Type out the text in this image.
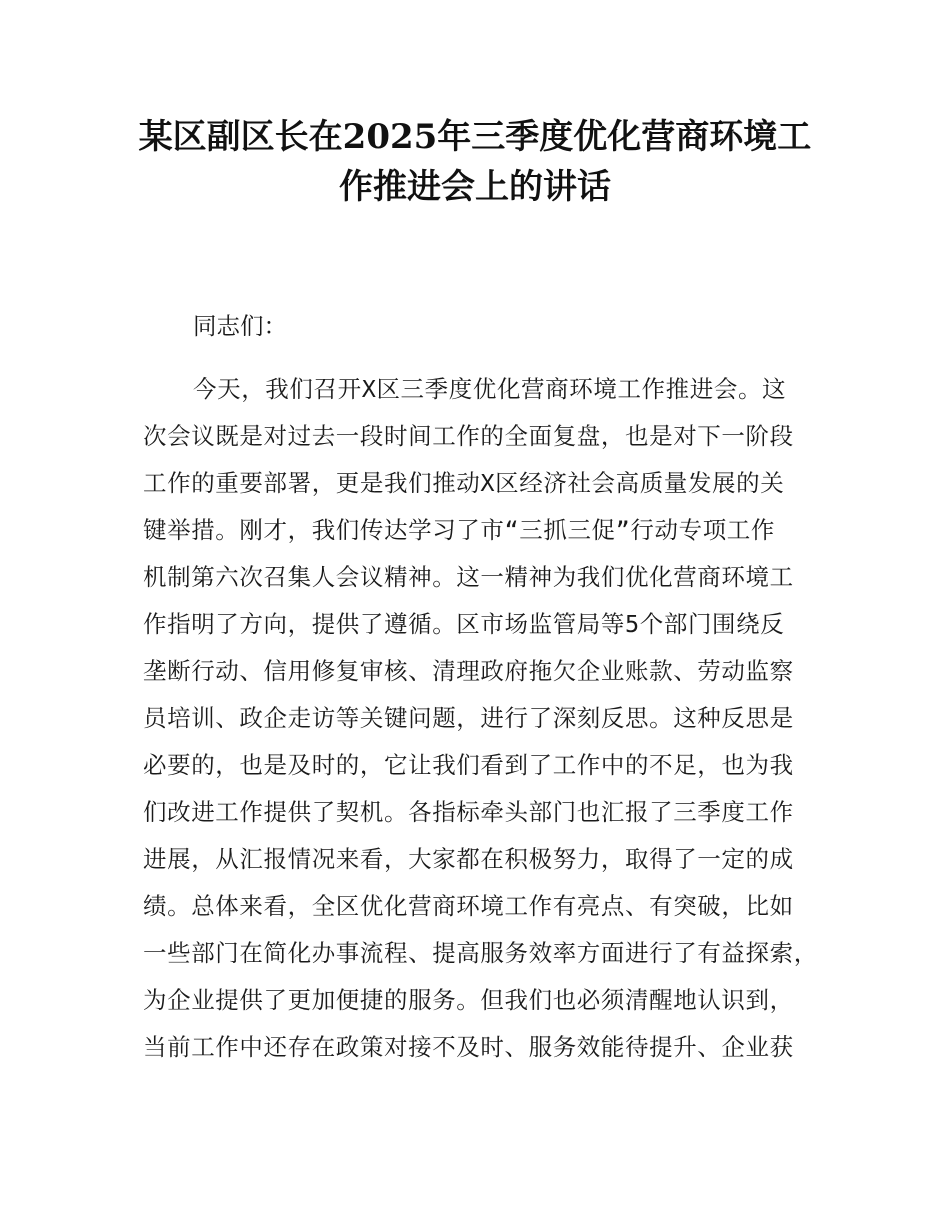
某区副区长在2025年三季度优化营商环境工
作推进会上的讲话
同志们：
今天，我们召开X区三季度优化营商环境工作推进会。这
次会议既是对过去一段时间工作的全面复盘，也是对下一阶段
工作的重要部署，更是我们推动X区经济社会高质量发展的关
键举措。刚才，我们传达学习了市“三抓三促”行动专项工作
机制第六次召集人会议精神。这一精神为我们优化营商环境工
作指明了方向，提供了遵循。区市场监管局等5个部门围绕反
垄断行动、信用修复审核、清理政府拖欠企业账款、劳动监察
员培训、政企走访等关键问题，进行了深刻反思。这种反思是
必要的，也是及时的，它让我们看到了工作中的不足，也为我
们改进工作提供了契机。各指标牵头部门也汇报了三季度工作
进展，从汇报情况来看，大家都在积极努力，取得了一定的成
绩。总体来看，全区优化营商环境工作有亮点、有突破，比如
一些部门在简化办事流程、提高服务效率方面进行了有益探索，
为企业提供了更加便捷的服务。但我们也必须清醒地认识到，
当前工作中还存在政策对接不及时、服务效能待提升、企业获
